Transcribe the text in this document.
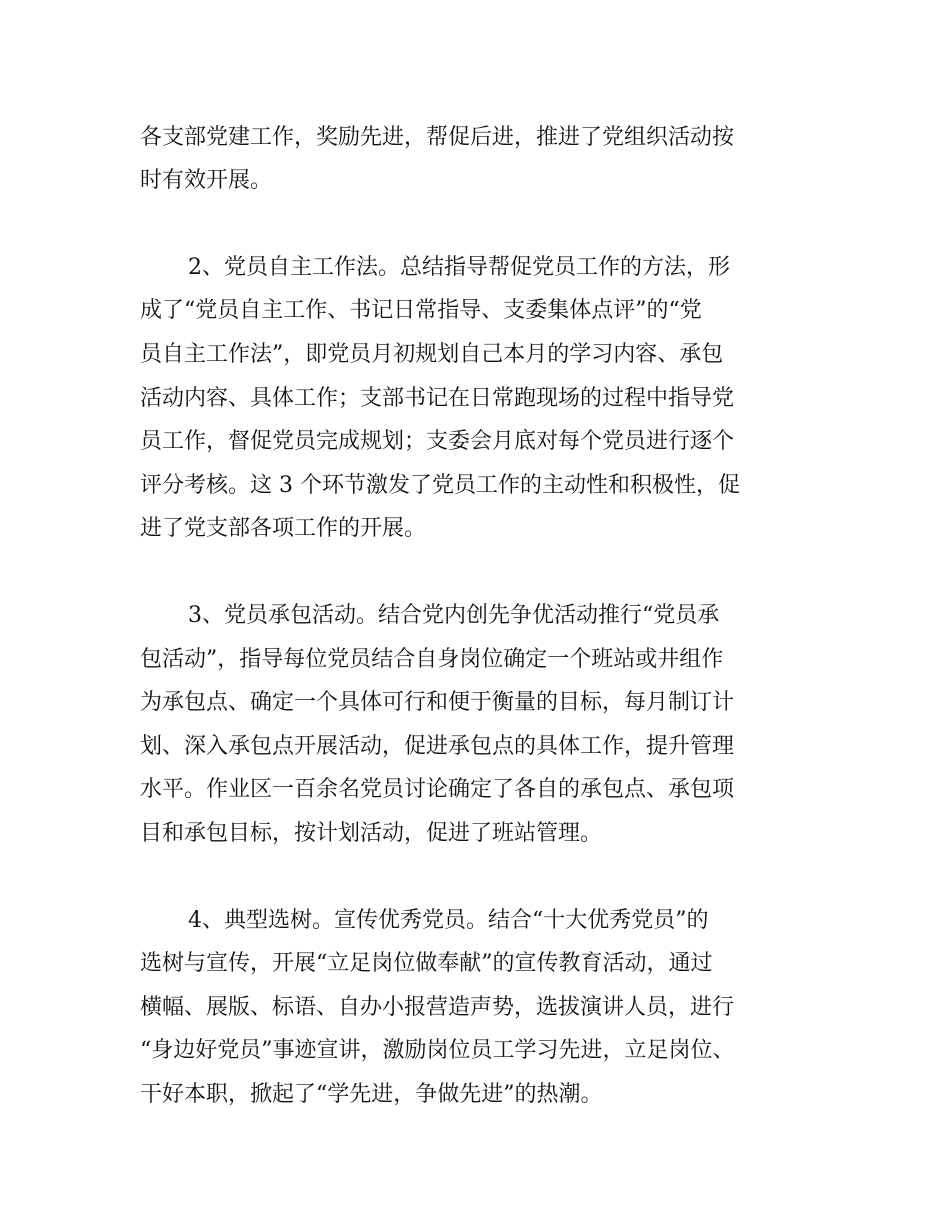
各支部党建工作，奖励先进，帮促后进，推进了党组织活动按
时有效开展。
2、党员自主工作法。总结指导帮促党员工作的方法，形
成了“党员自主工作、书记日常指导、支委集体点评”的“党
员自主工作法”，即党员月初规划自己本月的学习内容、承包
活动内容、具体工作；支部书记在日常跑现场的过程中指导党
员工作，督促党员完成规划；支委会月底对每个党员进行逐个
评分考核。这 3 个环节激发了党员工作的主动性和积极性，促
进了党支部各项工作的开展。
3、党员承包活动。结合党内创先争优活动推行“党员承
包活动”，指导每位党员结合自身岗位确定一个班站或井组作
为承包点、确定一个具体可行和便于衡量的目标，每月制订计
划、深入承包点开展活动，促进承包点的具体工作，提升管理
水平。作业区一百余名党员讨论确定了各自的承包点、承包项
目和承包目标，按计划活动，促进了班站管理。
4、典型选树。宣传优秀党员。结合“十大优秀党员”的
选树与宣传，开展“立足岗位做奉献”的宣传教育活动，通过
横幅、展版、标语、自办小报营造声势，选拔演讲人员，进行
“身边好党员”事迹宣讲，激励岗位员工学习先进，立足岗位、
干好本职，掀起了“学先进，争做先进”的热潮。
